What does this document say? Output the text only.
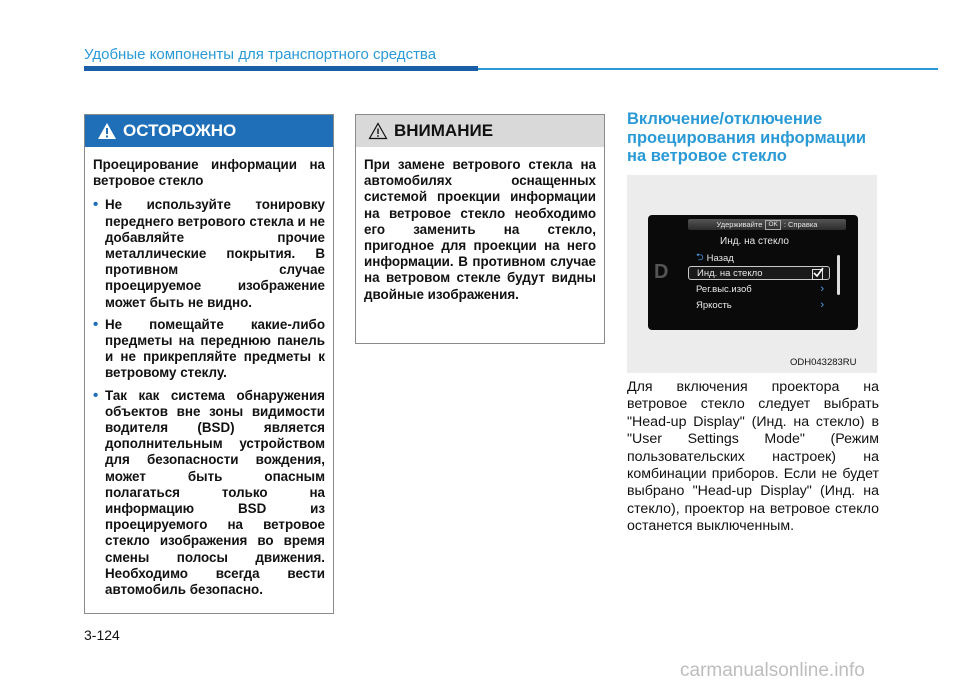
Удобные компоненты для транспортного средства
ОСТОРОЖНО

Проецирование информации на ветровое стекло

• Не используйте тонировку переднего ветрового стекла и не добавляйте прочие металлические покрытия. В противном случае проецируемое изображение может быть не видно.
• Не помещайте какие-либо предметы на переднюю панель и не прикрепляйте предметы к ветровому стеклу.
• Так как система обнаружения объектов вне зоны видимости водителя (BSD) является дополнительным устройством для безопасности вождения, может быть опасным полагаться только на информацию BSD из проецируемого на ветровое стекло изображения во время смены полосы движения. Необходимо всегда вести автомобиль безопасно.
ВНИМАНИЕ

При замене ветрового стекла на автомобилях оснащенных системой проекции информации на ветровое стекло необходимо его заменить на стекло, пригодное для проекции на него информации. В противном случае на ветровом стекле будут видны двойные изображения.

Включение/отключение проецирования информации на ветровое стекло
Удерживайте OK : Справка
D
Инд. на стекло
⮌ Назад
Инд. на стекло
Рег.выс.изоб	›
Яркость	›
ODH043283RU
Для включения проектора на ветровое стекло следует выбрать "Head-up Display" (Инд. на стекло) в "User Settings Mode" (Режим пользовательских настроек) на комбинации приборов. Если не будет выбрано "Head-up Display" (Инд. на стекло), проектор на ветровое стекло останется выключенным.
3-124
carmanualsonline.info
